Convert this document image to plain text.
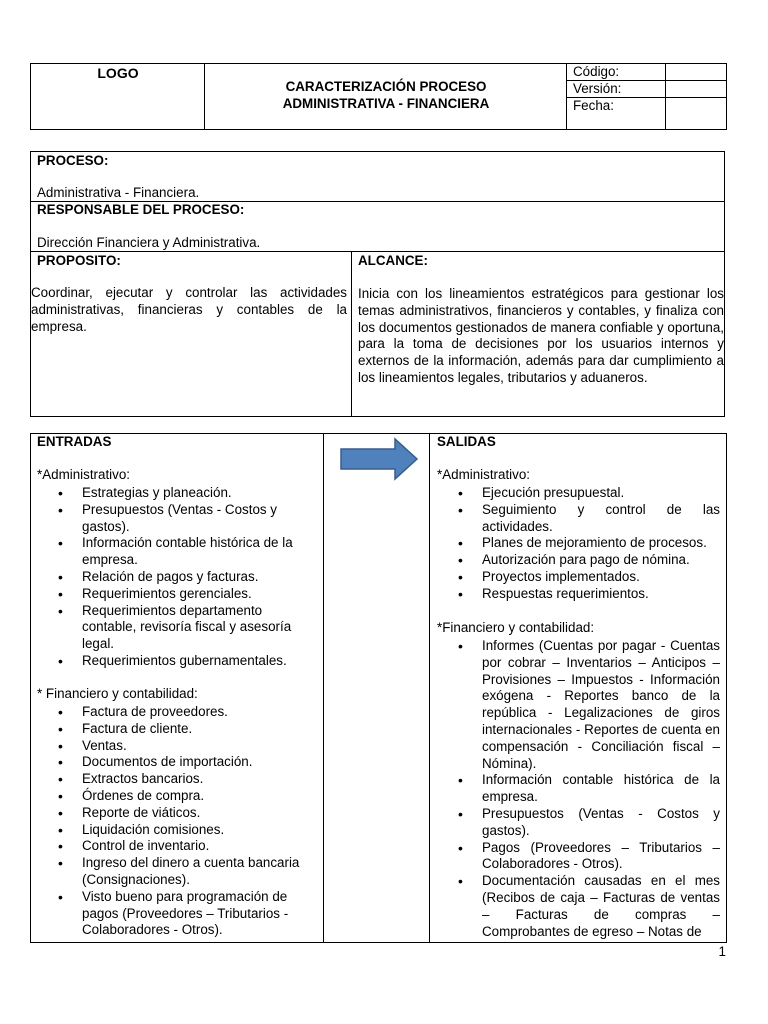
LOGO
CARACTERIZACIÓN PROCESO
ADMINISTRATIVA - FINANCIERA
Código:
Versión:
Fecha:
PROCESO:
Administrativa - Financiera.
RESPONSABLE DEL PROCESO:
Dirección Financiera y Administrativa.
PROPOSITO:
Coordinar, ejecutar y controlar las actividades administrativas, financieras y contables de la empresa.
ALCANCE:
Inicia con los lineamientos estratégicos para gestionar los temas administrativos, financieros y contables, y finaliza con los documentos gestionados de manera confiable y oportuna, para la toma de decisiones por los usuarios internos y externos de la información, además para dar cumplimiento a los lineamientos legales, tributarios y aduaneros.
ENTRADAS
*Administrativo:
• Estrategias y planeación.
• Presupuestos (Ventas - Costos y gastos).
• Información contable histórica de la empresa.
• Relación de pagos y facturas.
• Requerimientos gerenciales.
• Requerimientos departamento contable, revisoría fiscal y asesoría legal.
• Requerimientos gubernamentales.
* Financiero y contabilidad:
• Factura de proveedores.
• Factura de cliente.
• Ventas.
• Documentos de importación.
• Extractos bancarios.
• Órdenes de compra.
• Reporte de viáticos.
• Liquidación comisiones.
• Control de inventario.
• Ingreso del dinero a cuenta bancaria (Consignaciones).
• Visto bueno para programación de pagos (Proveedores – Tributarios - Colaboradores - Otros).
SALIDAS
*Administrativo:
• Ejecución presupuestal.
• Seguimiento y control de las actividades.
• Planes de mejoramiento de procesos.
• Autorización para pago de nómina.
• Proyectos implementados.
• Respuestas requerimientos.
*Financiero y contabilidad:
• Informes (Cuentas por pagar - Cuentas por cobrar – Inventarios – Anticipos – Provisiones – Impuestos - Información exógena - Reportes banco de la república - Legalizaciones de giros internacionales - Reportes de cuenta en compensación - Conciliación fiscal – Nómina).
• Información contable histórica de la empresa.
• Presupuestos (Ventas - Costos y gastos).
• Pagos (Proveedores – Tributarios – Colaboradores - Otros).
• Documentación causadas en el mes (Recibos de caja – Facturas de ventas – Facturas de compras – Comprobantes de egreso – Notas de
1
